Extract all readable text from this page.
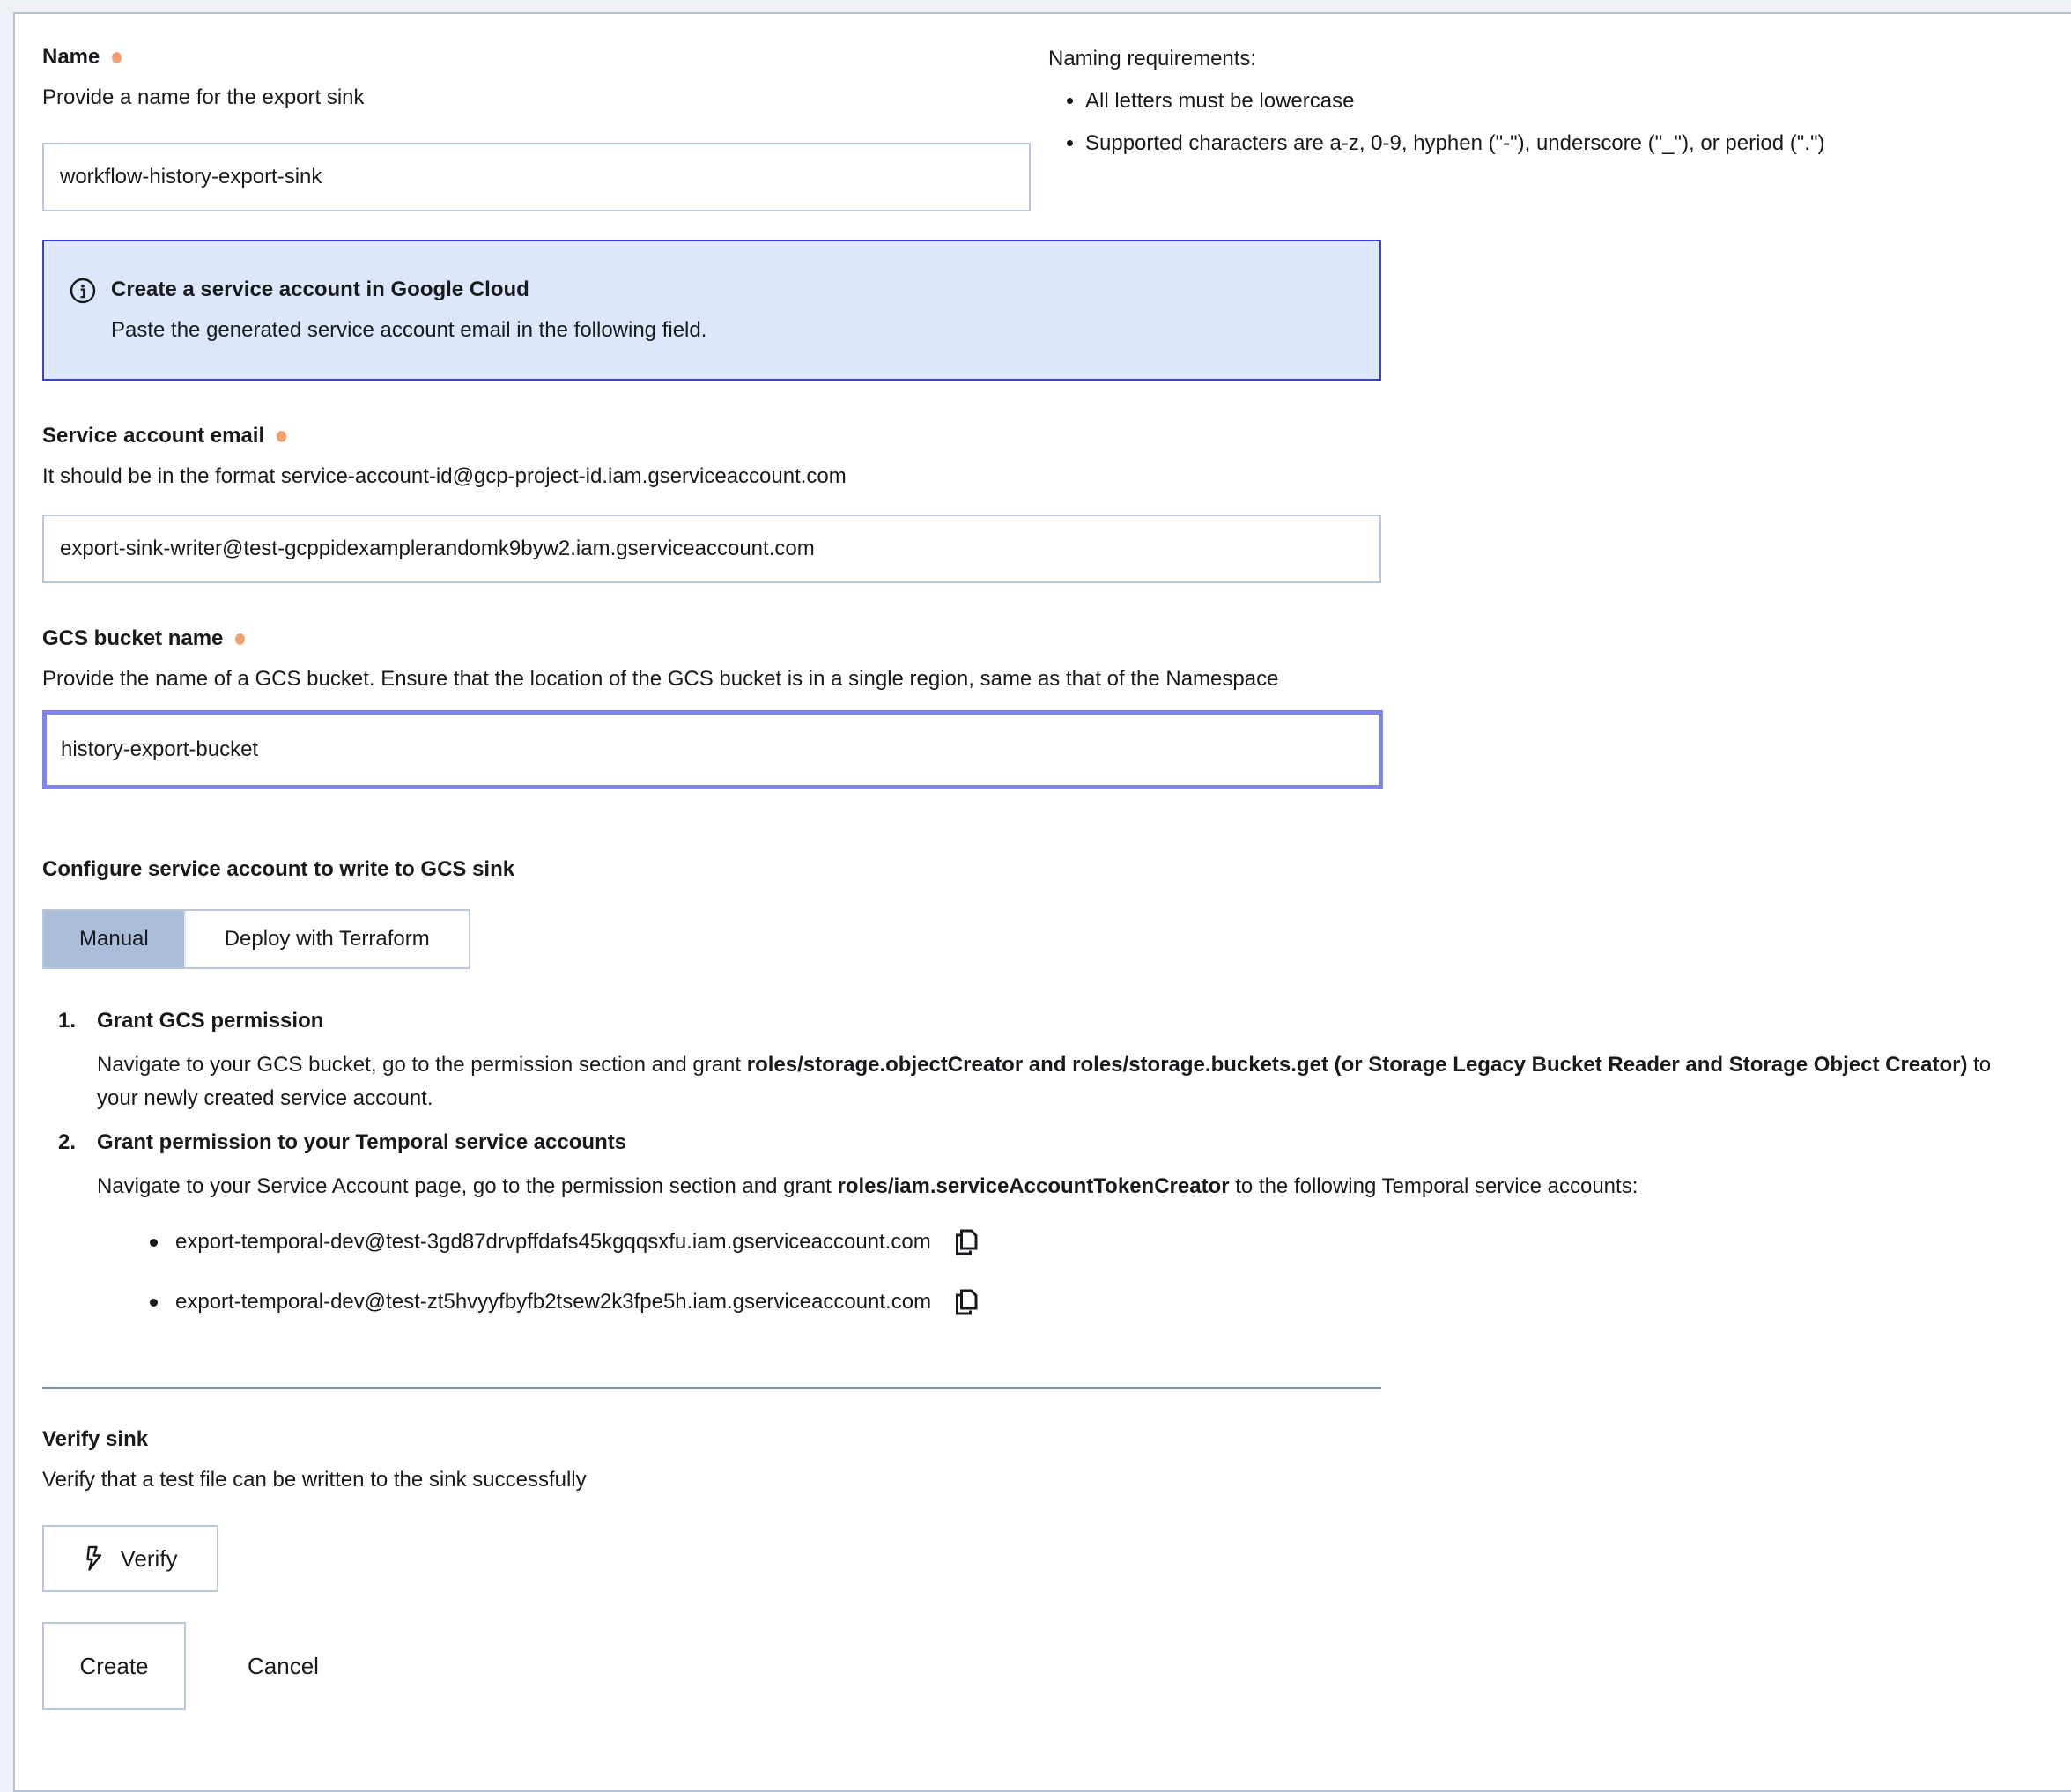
Name
Provide a name for the export sink
workflow-history-export-sink
Naming requirements:
• All letters must be lowercase
• Supported characters are a-z, 0-9, hyphen ("-"), underscore ("_"), or period (".")
Create a service account in Google Cloud
Paste the generated service account email in the following field.
Service account email
It should be in the format service-account-id@gcp-project-id.iam.gserviceaccount.com
export-sink-writer@test-gcppidexamplerandomk9byw2.iam.gserviceaccount.com
GCS bucket name
Provide the name of a GCS bucket. Ensure that the location of the GCS bucket is in a single region, same as that of the Namespace
history-export-bucket
Configure service account to write to GCS sink
Manual	Deploy with Terraform
1. Grant GCS permission
Navigate to your GCS bucket, go to the permission section and grant roles/storage.objectCreator and roles/storage.buckets.get (or Storage Legacy Bucket Reader and Storage Object Creator) to your newly created service account.
2. Grant permission to your Temporal service accounts
Navigate to your Service Account page, go to the permission section and grant roles/iam.serviceAccountTokenCreator to the following Temporal service accounts:
export-temporal-dev@test-3gd87drvpffdafs45kgqqsxfu.iam.gserviceaccount.com
export-temporal-dev@test-zt5hvyyfbyfb2tsew2k3fpe5h.iam.gserviceaccount.com
Verify sink
Verify that a test file can be written to the sink successfully
Verify
Create	Cancel
